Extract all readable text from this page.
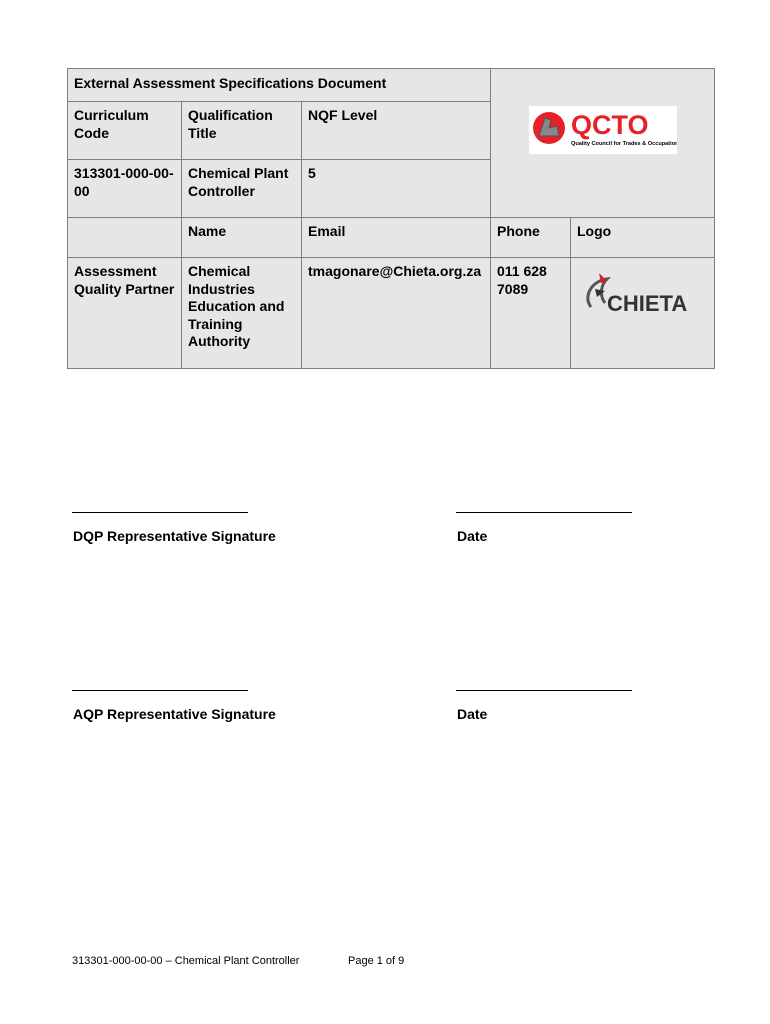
External Assessment Specifications Document			QCTO
Quality Council for Trades & Occupations	

Curriculum Code	Qualification Title	NQF Level		
313301-000-00-00	Chemical Plant Controller	5		
	Name	Email	Phone	Logo
Assessment Quality Partner	Chemical Industries Education and Training Authority	tmagonare@Chieta.org.za	011 628 7089	CHIETA
DQP Representative Signature	Date
AQP Representative Signature	Date
313301-000-00-00 – Chemical Plant Controller	Page 1 of 9
